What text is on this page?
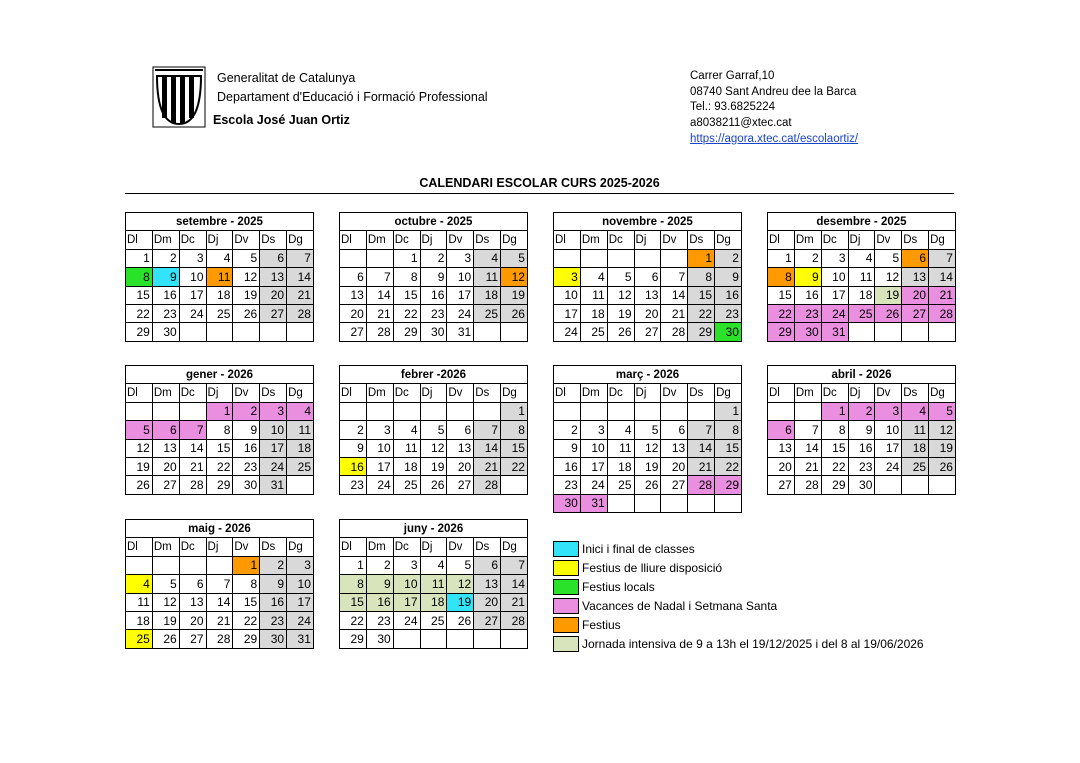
Generalitat de Catalunya
Departament d'Educació i Formació Professional
Escola José Juan Ortiz
Carrer Garraf,10
08740 Sant Andreu dee la Barca
Tel.: 93.6825224
a8038211@xtec.cat
https://agora.xtec.cat/escolaortiz/
CALENDARI ESCOLAR CURS 2025-2026
setembre - 2025						
Dl	Dm	Dc	Dj	Dv	Ds	Dg
1	2	3	4	5	6	7
8	9	10	11	12	13	14
15	16	17	18	19	20	21
22	23	24	25	26	27	28
29	30					
octubre - 2025						
Dl	Dm	Dc	Dj	Dv	Ds	Dg
		1	2	3	4	5
6	7	8	9	10	11	12
13	14	15	16	17	18	19
20	21	22	23	24	25	26
27	28	29	30	31		
novembre - 2025						
Dl	Dm	Dc	Dj	Dv	Ds	Dg
					1	2
3	4	5	6	7	8	9
10	11	12	13	14	15	16
17	18	19	20	21	22	23
24	25	26	27	28	29	30
desembre - 2025						
Dl	Dm	Dc	Dj	Dv	Ds	Dg
1	2	3	4	5	6	7
8	9	10	11	12	13	14
15	16	17	18	19	20	21
22	23	24	25	26	27	28
29	30	31				
gener - 2026						
Dl	Dm	Dc	Dj	Dv	Ds	Dg
			1	2	3	4
5	6	7	8	9	10	11
12	13	14	15	16	17	18
19	20	21	22	23	24	25
26	27	28	29	30	31	
febrer -2026						
Dl	Dm	Dc	Dj	Dv	Ds	Dg
						1
2	3	4	5	6	7	8
9	10	11	12	13	14	15
16	17	18	19	20	21	22
23	24	25	26	27	28	
març - 2026						
Dl	Dm	Dc	Dj	Dv	Ds	Dg
						1
2	3	4	5	6	7	8
9	10	11	12	13	14	15
16	17	18	19	20	21	22
23	24	25	26	27	28	29
30	31					
abril - 2026						
Dl	Dm	Dc	Dj	Dv	Ds	Dg
		1	2	3	4	5
6	7	8	9	10	11	12
13	14	15	16	17	18	19
20	21	22	23	24	25	26
27	28	29	30			
maig - 2026						
Dl	Dm	Dc	Dj	Dv	Ds	Dg
				1	2	3
4	5	6	7	8	9	10
11	12	13	14	15	16	17
18	19	20	21	22	23	24
25	26	27	28	29	30	31
juny - 2026						
Dl	Dm	Dc	Dj	Dv	Ds	Dg
1	2	3	4	5	6	7
8	9	10	11	12	13	14
15	16	17	18	19	20	21
22	23	24	25	26	27	28
29	30					
Inici i final de classes
Festius de lliure disposició
Festius locals
Vacances de Nadal i Setmana Santa
Festius
Jornada intensiva de 9 a 13h el 19/12/2025 i del 8 al 19/06/2026
